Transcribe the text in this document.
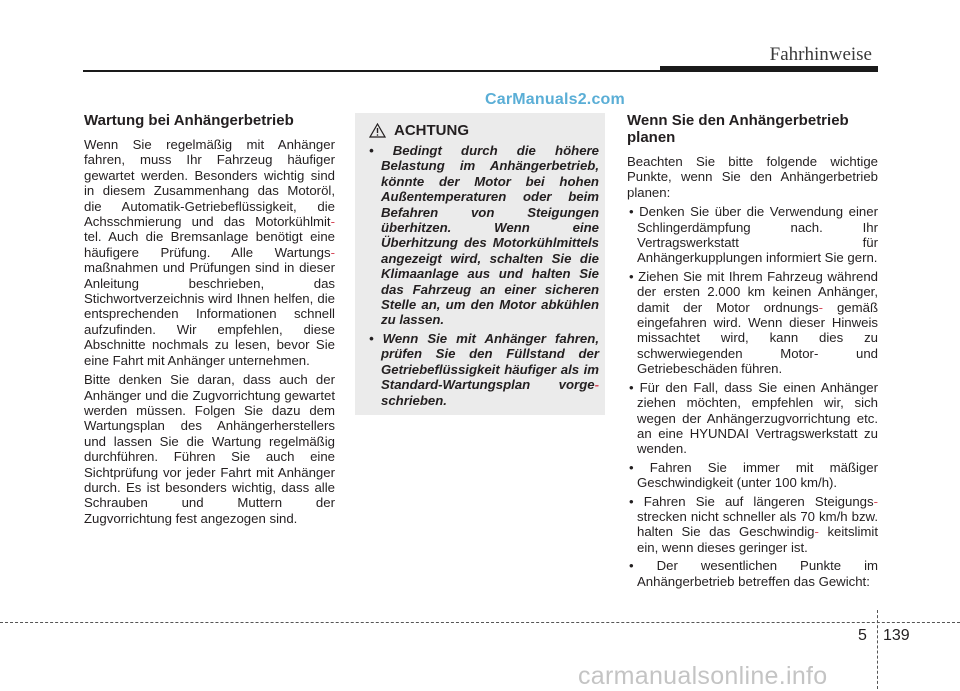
Fahrhinweise
CarManuals2.com
Wartung bei Anhängerbetrieb

Wenn Sie regelmäßig mit Anhänger fahren, muss Ihr Fahrzeug häufiger gewartet werden. Besonders wichtig sind in diesem Zusammenhang das Motoröl, die Automatik-Getriebeflüssigkeit, die Achsschmierung und das Motorkühlmit- tel. Auch die Bremsanlage benötigt eine häufigere Prüfung. Alle Wartungs- maßnahmen und Prüfungen sind in dieser Anleitung beschrieben, das Stichwortverzeichnis wird Ihnen helfen, die entsprechenden Informationen schnell aufzufinden. Wir empfehlen, diese Abschnitte nochmals zu lesen, bevor Sie eine Fahrt mit Anhänger unternehmen.

Bitte denken Sie daran, dass auch der Anhänger und die Zugvorrichtung gewartet werden müssen. Folgen Sie dazu dem Wartungsplan des Anhängerherstellers und lassen Sie die Wartung regelmäßig durchführen. Führen Sie auch eine Sichtprüfung vor jeder Fahrt mit Anhänger durch. Es ist besonders wichtig, dass alle Schrauben und Muttern der Zugvorrichtung fest angezogen sind.

ACHTUNG
• Bedingt durch die höhere Belastung im Anhängerbetrieb, könnte der Motor bei hohen Außentemperaturen oder beim Befahren von Steigungen überhitzen. Wenn eine Überhitzung des Motorkühlmittels angezeigt wird, schalten Sie die Klimaanlage aus und halten Sie das Fahrzeug an einer sicheren Stelle an, um den Motor abkühlen zu lassen.
• Wenn Sie mit Anhänger fahren, prüfen Sie den Füllstand der Getriebeflüssigkeit häufiger als im Standard-Wartungsplan vorge- schrieben.
Wenn Sie den Anhängerbetrieb planen

Beachten Sie bitte folgende wichtige Punkte, wenn Sie den Anhängerbetrieb planen:

• Denken Sie über die Verwendung einer Schlingerdämpfung nach. Ihr Vertragswerkstatt für Anhängerkupplungen informiert Sie gern.
• Ziehen Sie mit Ihrem Fahrzeug während der ersten 2.000 km keinen Anhänger, damit der Motor ordnungs- gemäß eingefahren wird. Wenn dieser Hinweis missachtet wird, kann dies zu schwerwiegenden Motor- und Getriebeschäden führen.
• Für den Fall, dass Sie einen Anhänger ziehen möchten, empfehlen wir, sich wegen der Anhängerzugvorrichtung etc. an eine HYUNDAI Vertragswerkstatt zu wenden.
• Fahren Sie immer mit mäßiger Geschwindigkeit (unter 100 km/h).
• Fahren Sie auf längeren Steigungs- strecken nicht schneller als 70 km/h bzw. halten Sie das Geschwindig- keitslimit ein, wenn dieses geringer ist.
• Der wesentlichen Punkte im Anhängerbetrieb betreffen das Gewicht:
5 139
carmanualsonline.info
